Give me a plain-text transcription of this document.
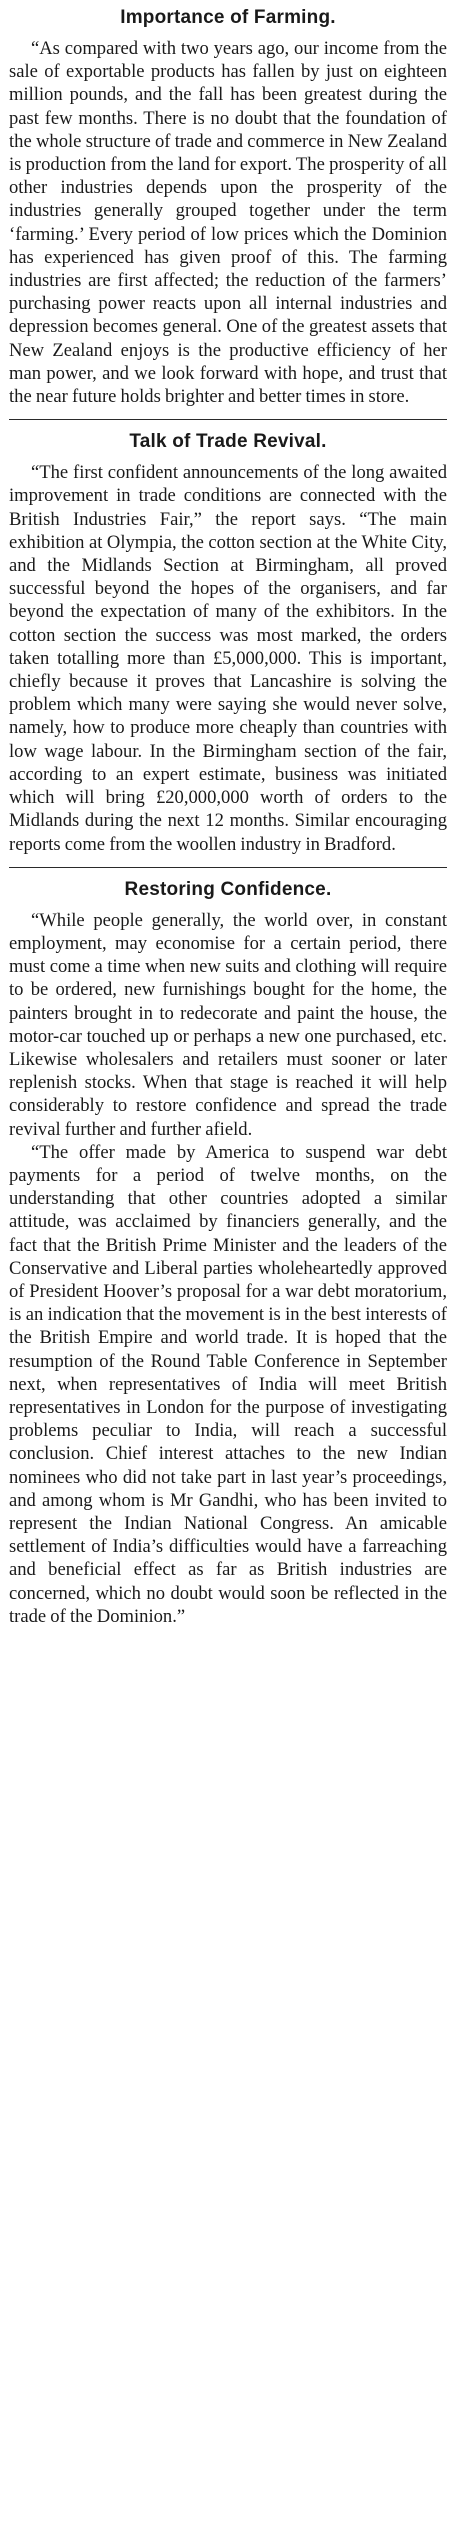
Importance of Farming.

“As compared with two years ago, our income from the sale of exportable products has fallen by just on eighteen million pounds, and the fall has been greatest during the past few months. There is no doubt that the foundation of the whole structure of trade and commerce in New Zealand is production from the land for export. The prosperity of all other industries depends upon the prosperity of the industries generally grouped together under the term ‘farming.’ Every period of low prices which the Dominion has experienced has given proof of this. The farming industries are first affected; the reduction of the farmers’ purchasing power reacts upon all internal industries and depression becomes general. One of the greatest assets that New Zealand enjoys is the productive efficiency of her man power, and we look forward with hope, and trust that the near future holds brighter and better times in store.

Talk of Trade Revival.

“The first confident announcements of the long awaited improvement in trade conditions are connected with the British Industries Fair,” the report says. “The main exhibition at Olympia, the cotton section at the White City, and the Midlands Section at Birmingham, all proved successful beyond the hopes of the organisers, and far beyond the expectation of many of the exhibitors. In the cotton section the success was most marked, the orders taken totalling more than £5,000,000. This is important, chiefly because it proves that Lancashire is solving the problem which many were saying she would never solve, namely, how to produce more cheaply than countries with low wage labour. In the Birmingham section of the fair, according to an expert estimate, business was initiated which will bring £20,000,000 worth of orders to the Midlands during the next 12 months. Similar encouraging reports come from the woollen industry in Bradford.

Restoring Confidence.

“While people generally, the world over, in constant employment, may economise for a certain period, there must come a time when new suits and clothing will require to be ordered, new furnishings bought for the home, the painters brought in to redecorate and paint the house, the motor-car touched up or perhaps a new one purchased, etc. Likewise wholesalers and retailers must sooner or later replenish stocks. When that stage is reached it will help considerably to restore confidence and spread the trade revival further and further afield.

“The offer made by America to suspend war debt payments for a period of twelve months, on the understanding that other countries adopted a similar attitude, was acclaimed by financiers generally, and the fact that the British Prime Minister and the leaders of the Conservative and Liberal parties wholeheartedly approved of President Hoover’s proposal for a war debt moratorium, is an indication that the movement is in the best interests of the British Empire and world trade. It is hoped that the resumption of the Round Table Conference in September next, when representatives of India will meet British representatives in London for the purpose of investigating problems peculiar to India, will reach a successful conclusion. Chief interest attaches to the new Indian nominees who did not take part in last year’s proceedings, and among whom is Mr Gandhi, who has been invited to represent the Indian National Congress. An amicable settlement of India’s difficulties would have a farreaching and beneficial effect as far as British industries are concerned, which no doubt would soon be reflected in the trade of the Dominion.”
